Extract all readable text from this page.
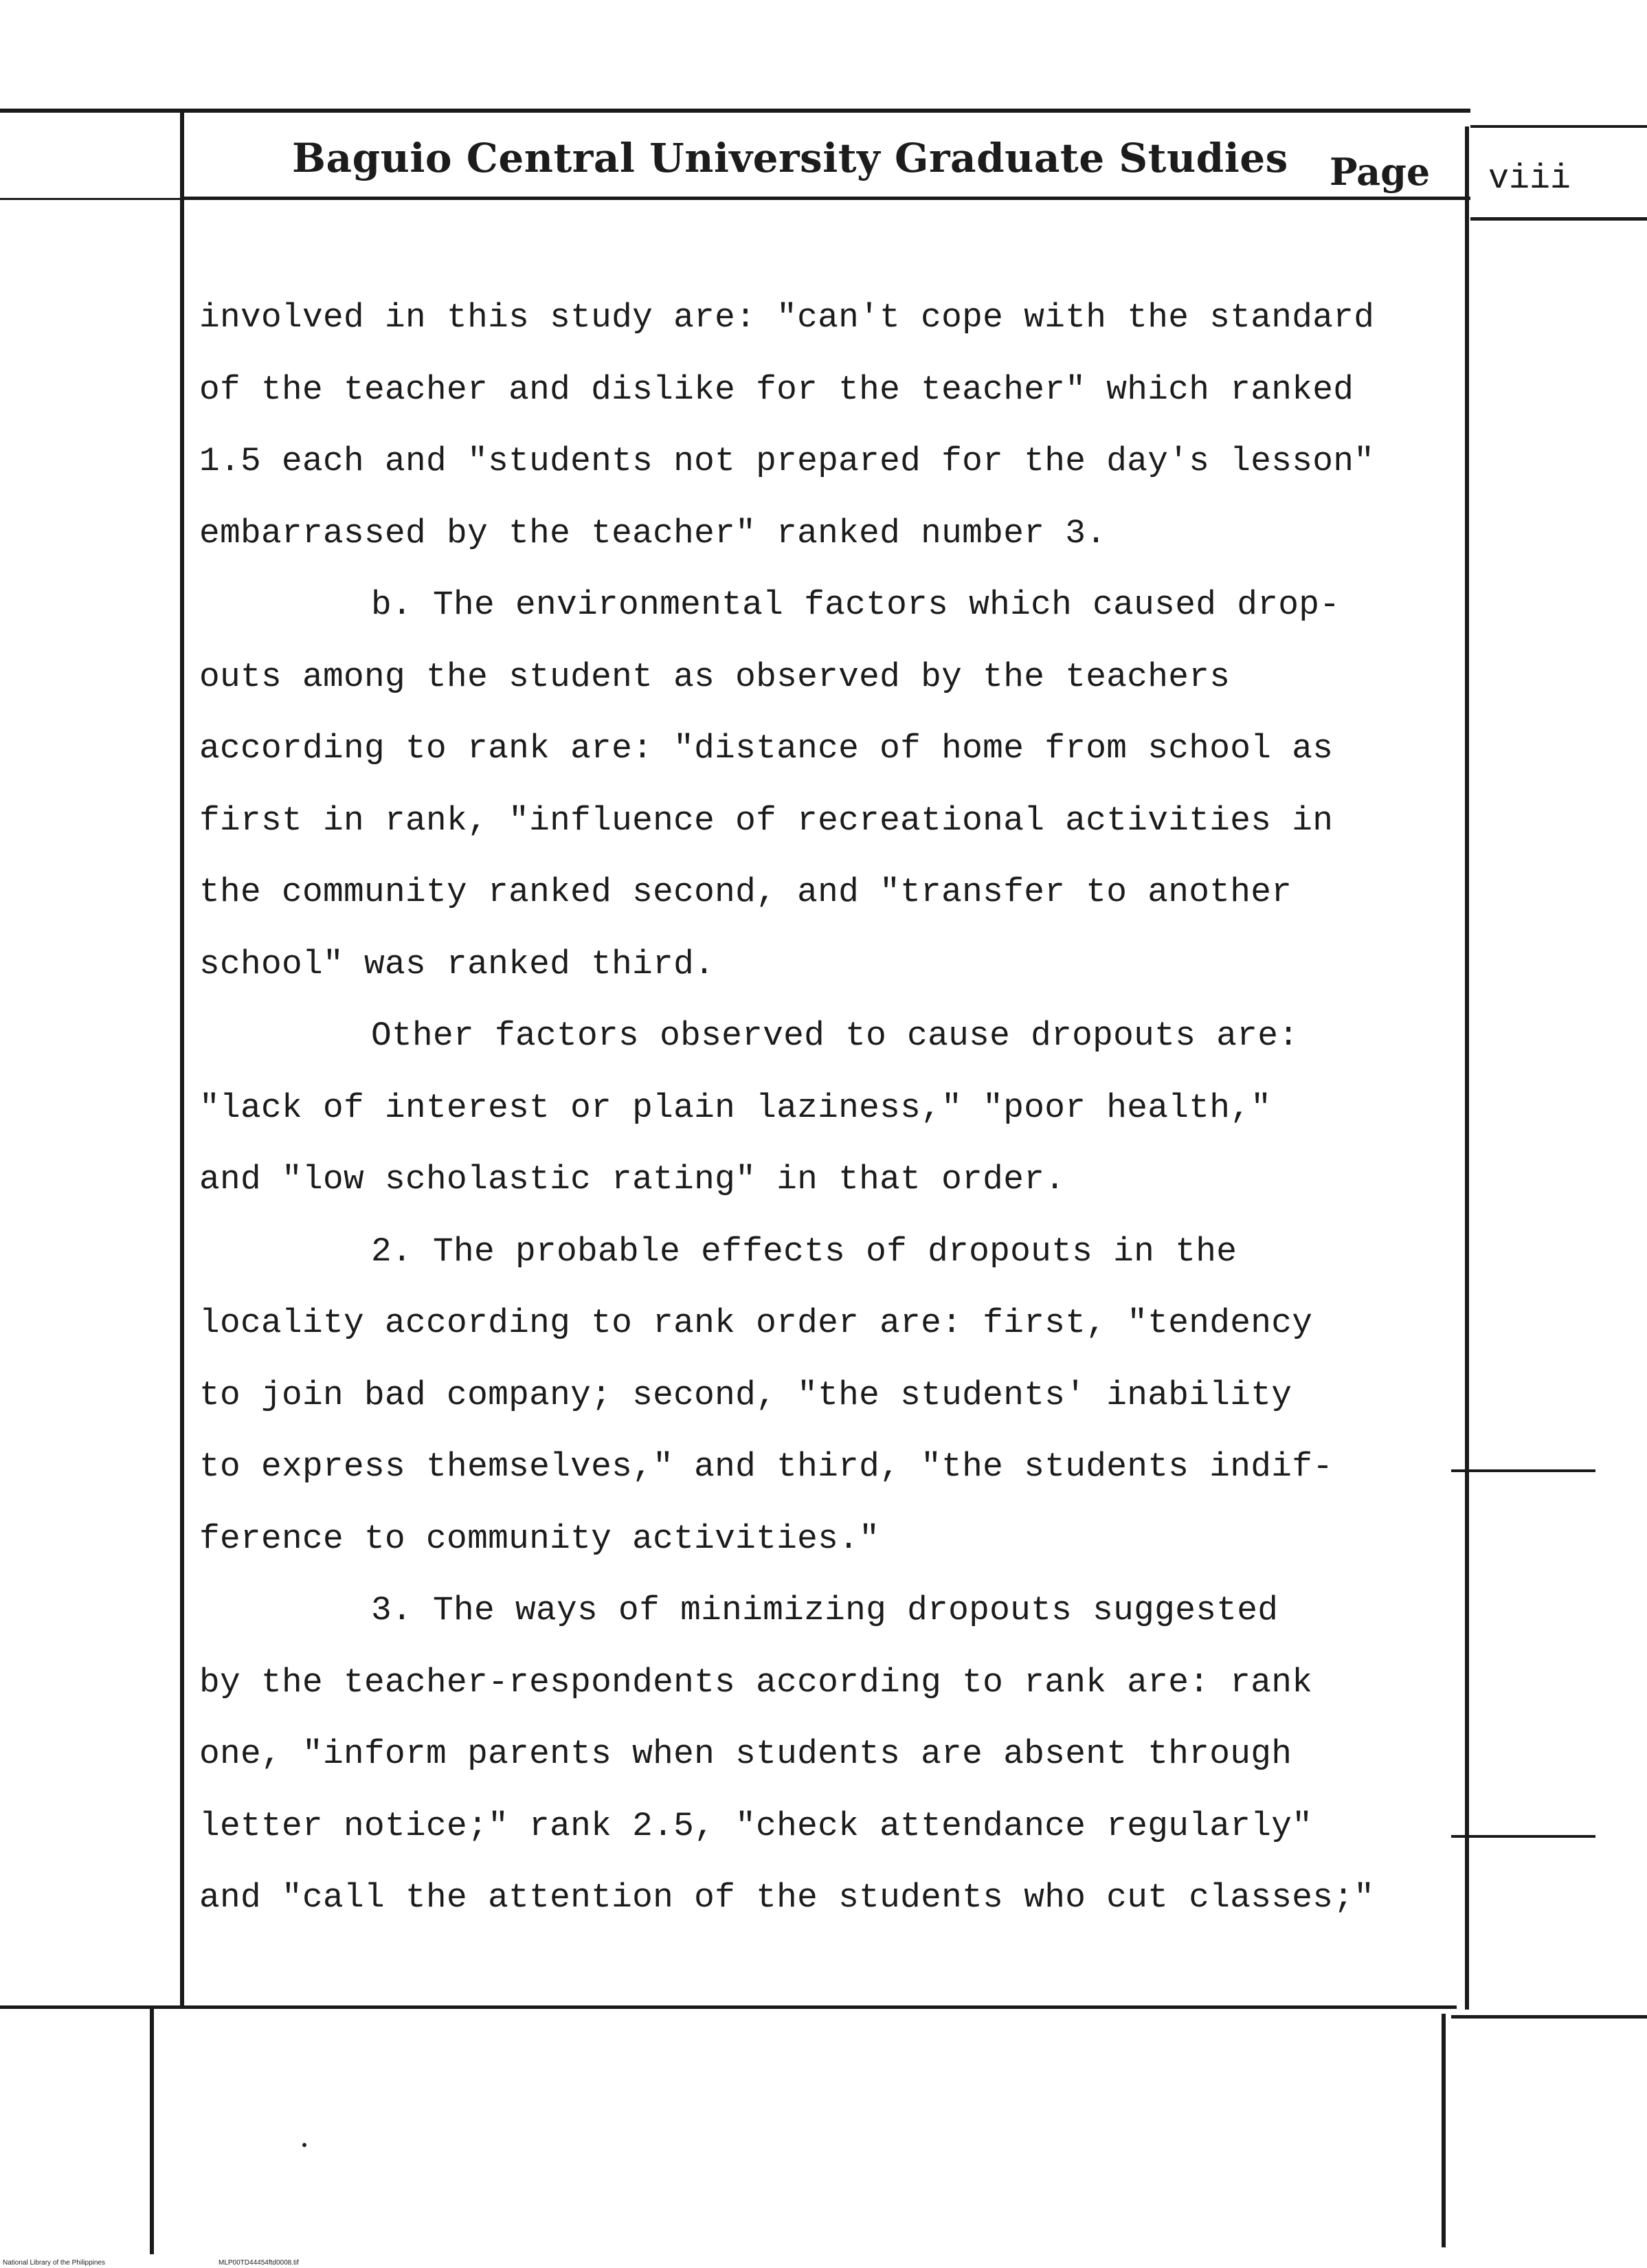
Baguio Central University Graduate Studies Page viii
involved in this study are: "can't cope with the standard
of the teacher and dislike for the teacher" which ranked
1.5 each and "students not prepared for the day's lesson"
embarrassed by the teacher" ranked number 3.
b. The environmental factors which caused drop-
outs among the student as observed by the teachers
according to rank are: "distance of home from school as
first in rank, "influence of recreational activities in
the community ranked second, and "transfer to another
school" was ranked third.
Other factors observed to cause dropouts are:
"lack of interest or plain laziness," "poor health,"
and "low scholastic rating" in that order.
2. The probable effects of dropouts in the
locality according to rank order are: first, "tendency
to join bad company; second, "the students' inability
to express themselves," and third, "the students indif-
ference to community activities."
3. The ways of minimizing dropouts suggested
by the teacher-respondents according to rank are: rank
one, "inform parents when students are absent through
letter notice;" rank 2.5, "check attendance regularly"
and "call the attention of the students who cut classes;"
National Library of the Philippines	MLP00TD44454ftd0008.tif
